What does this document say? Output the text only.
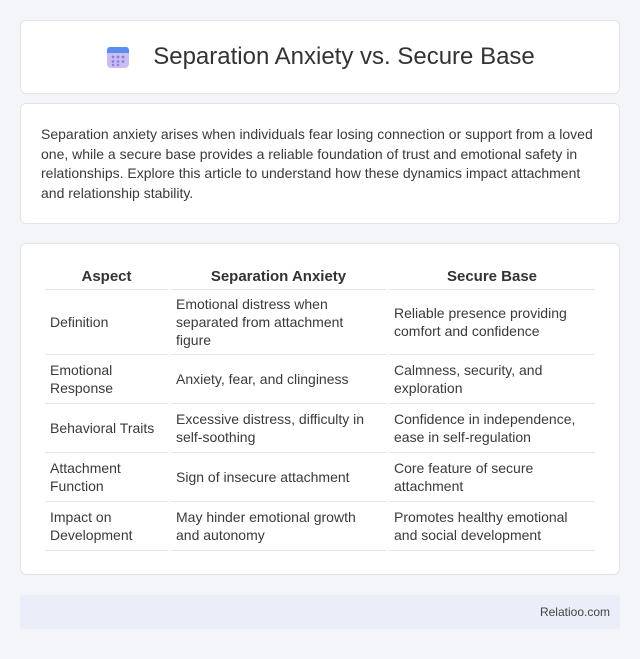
Separation Anxiety vs. Secure Base

Separation anxiety arises when individuals fear losing connection or support from a loved one, while a secure base provides a reliable foundation of trust and emotional safety in relationships. Explore this article to understand how these dynamics impact attachment and relationship stability.

Aspect	Separation Anxiety	Secure Base
Definition	Emotional distress when separated from attachment figure	Reliable presence providing comfort and confidence
Emotional Response	Anxiety, fear, and clinginess	Calmness, security, and exploration
Behavioral Traits	Excessive distress, difficulty in self-soothing	Confidence in independence, ease in self-regulation
Attachment Function	Sign of insecure attachment	Core feature of secure attachment
Impact on Development	May hinder emotional growth and autonomy	Promotes healthy emotional and social development
Relatioo.com
